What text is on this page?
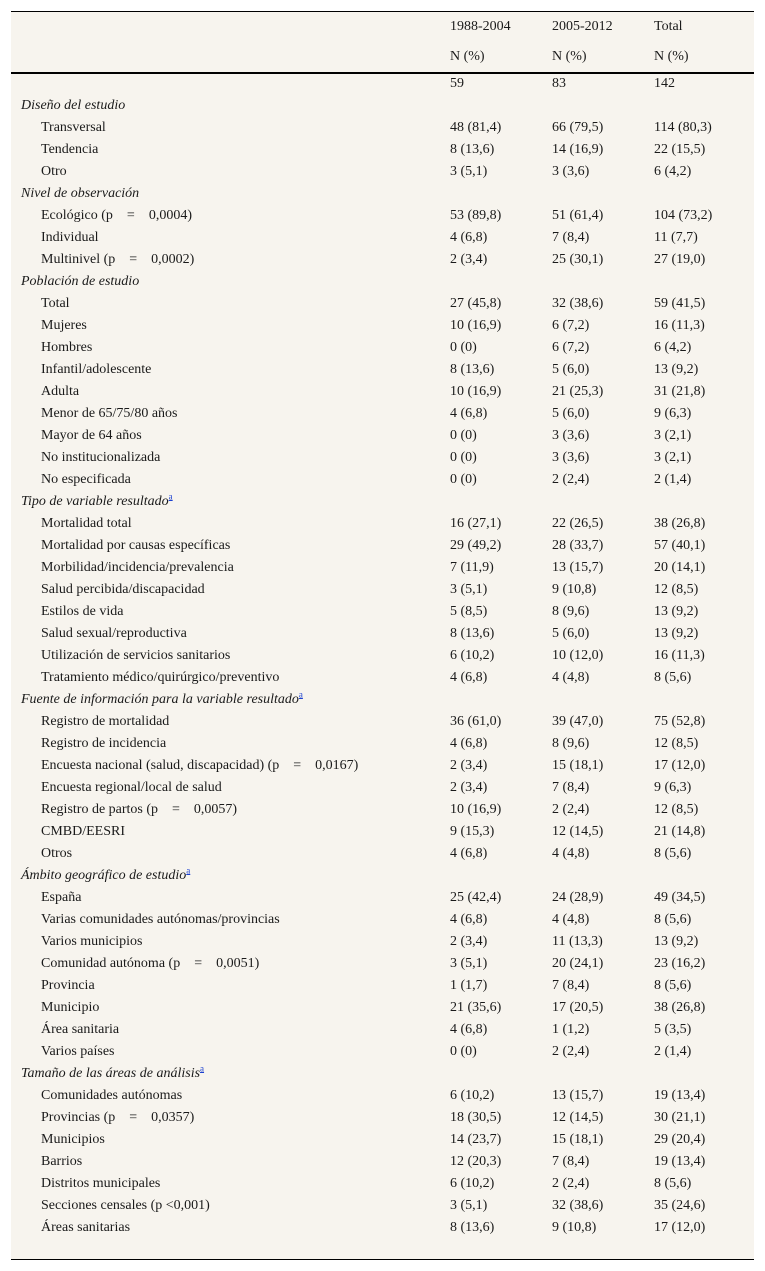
1988-2004	2005-2012	Total
N (%)	N (%)	N (%)
59	83	142
Diseño del estudio
Transversal	48 (81,4)	66 (79,5)	114 (80,3)
Tendencia	8 (13,6)	14 (16,9)	22 (15,5)
Otro	3 (5,1)	3 (3,6)	6 (4,2)
Nivel de observación
Ecológico (p = 0,0004)	53 (89,8)	51 (61,4)	104 (73,2)
Individual	4 (6,8)	7 (8,4)	11 (7,7)
Multinivel (p = 0,0002)	2 (3,4)	25 (30,1)	27 (19,0)
Población de estudio
Total	27 (45,8)	32 (38,6)	59 (41,5)
Mujeres	10 (16,9)	6 (7,2)	16 (11,3)
Hombres	0 (0)	6 (7,2)	6 (4,2)
Infantil/adolescente	8 (13,6)	5 (6,0)	13 (9,2)
Adulta	10 (16,9)	21 (25,3)	31 (21,8)
Menor de 65/75/80 años	4 (6,8)	5 (6,0)	9 (6,3)
Mayor de 64 años	0 (0)	3 (3,6)	3 (2,1)
No institucionalizada	0 (0)	3 (3,6)	3 (2,1)
No especificada	0 (0)	2 (2,4)	2 (1,4)
Tipo de variable resultado$^a$
Mortalidad total	16 (27,1)	22 (26,5)	38 (26,8)
Mortalidad por causas específicas	29 (49,2)	28 (33,7)	57 (40,1)
Morbilidad/incidencia/prevalencia	7 (11,9)	13 (15,7)	20 (14,1)
Salud percibida/discapacidad	3 (5,1)	9 (10,8)	12 (8,5)
Estilos de vida	5 (8,5)	8 (9,6)	13 (9,2)
Salud sexual/reproductiva	8 (13,6)	5 (6,0)	13 (9,2)
Utilización de servicios sanitarios	6 (10,2)	10 (12,0)	16 (11,3)
Tratamiento médico/quirúrgico/preventivo	4 (6,8)	4 (4,8)	8 (5,6)
Fuente de información para la variable resultado$^a$
Registro de mortalidad	36 (61,0)	39 (47,0)	75 (52,8)
Registro de incidencia	4 (6,8)	8 (9,6)	12 (8,5)
Encuesta nacional (salud, discapacidad) (p = 0,0167)	2 (3,4)	15 (18,1)	17 (12,0)
Encuesta regional/local de salud	2 (3,4)	7 (8,4)	9 (6,3)
Registro de partos (p = 0,0057)	10 (16,9)	2 (2,4)	12 (8,5)
CMBD/EESRI	9 (15,3)	12 (14,5)	21 (14,8)
Otros	4 (6,8)	4 (4,8)	8 (5,6)
Ámbito geográfico de estudio$^a$
España	25 (42,4)	24 (28,9)	49 (34,5)
Varias comunidades autónomas/provincias	4 (6,8)	4 (4,8)	8 (5,6)
Varios municipios	2 (3,4)	11 (13,3)	13 (9,2)
Comunidad autónoma (p = 0,0051)	3 (5,1)	20 (24,1)	23 (16,2)
Provincia	1 (1,7)	7 (8,4)	8 (5,6)
Municipio	21 (35,6)	17 (20,5)	38 (26,8)
Área sanitaria	4 (6,8)	1 (1,2)	5 (3,5)
Varios países	0 (0)	2 (2,4)	2 (1,4)
Tamaño de las áreas de análisis$^a$
Comunidades autónomas	6 (10,2)	13 (15,7)	19 (13,4)
Provincias (p = 0,0357)	18 (30,5)	12 (14,5)	30 (21,1)
Municipios	14 (23,7)	15 (18,1)	29 (20,4)
Barrios	12 (20,3)	7 (8,4)	19 (13,4)
Distritos municipales	6 (10,2)	2 (2,4)	8 (5,6)
Secciones censales (p <0,001)	3 (5,1)	32 (38,6)	35 (24,6)
Áreas sanitarias	8 (13,6)	9 (10,8)	17 (12,0)
